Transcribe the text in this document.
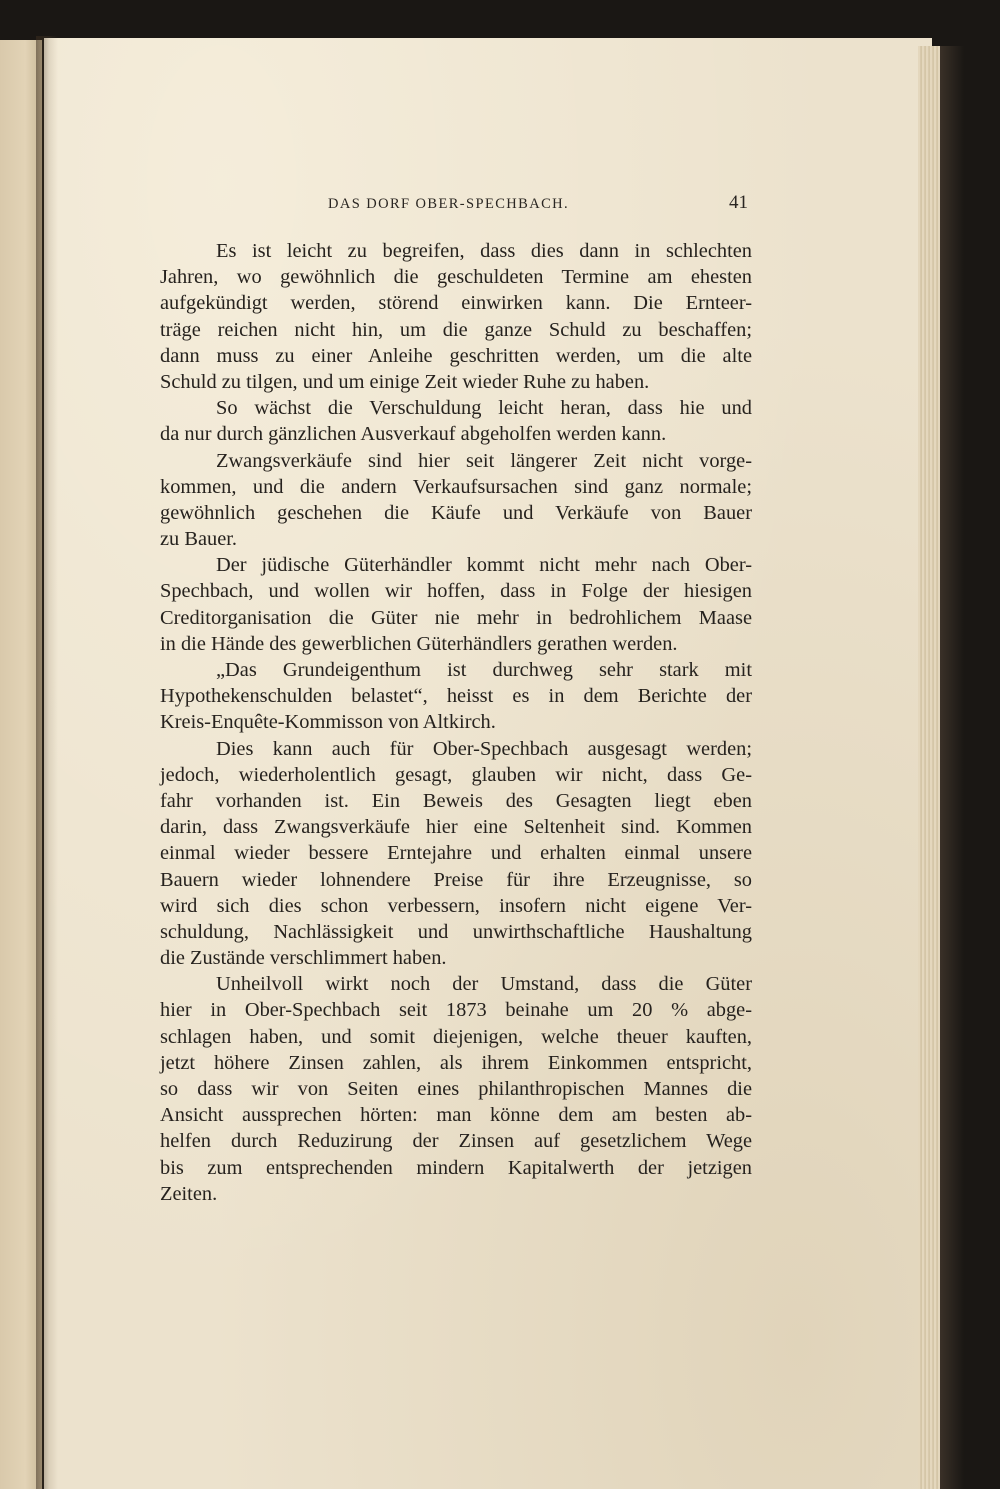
DAS DORF OBER-SPECHBACH.	41
Es ist leicht zu begreifen, dass dies dann in schlechten
Jahren, wo gewöhnlich die geschuldeten Termine am ehesten
aufgekündigt werden, störend einwirken kann. Die Ernteer-
träge reichen nicht hin, um die ganze Schuld zu beschaffen;
dann muss zu einer Anleihe geschritten werden, um die alte
Schuld zu tilgen, und um einige Zeit wieder Ruhe zu haben.
So wächst die Verschuldung leicht heran, dass hie und
da nur durch gänzlichen Ausverkauf abgeholfen werden kann.
Zwangsverkäufe sind hier seit längerer Zeit nicht vorge-
kommen, und die andern Verkaufsursachen sind ganz normale;
gewöhnlich geschehen die Käufe und Verkäufe von Bauer
zu Bauer.
Der jüdische Güterhändler kommt nicht mehr nach Ober-
Spechbach, und wollen wir hoffen, dass in Folge der hiesigen
Creditorganisation die Güter nie mehr in bedrohlichem Maase
in die Hände des gewerblichen Güterhändlers gerathen werden.
„Das Grundeigenthum ist durchweg sehr stark mit
Hypothekenschulden belastet“, heisst es in dem Berichte der
Kreis-Enquête-Kommisson von Altkirch.
Dies kann auch für Ober-Spechbach ausgesagt werden;
jedoch, wiederholentlich gesagt, glauben wir nicht, dass Ge-
fahr vorhanden ist. Ein Beweis des Gesagten liegt eben
darin, dass Zwangsverkäufe hier eine Seltenheit sind. Kommen
einmal wieder bessere Erntejahre und erhalten einmal unsere
Bauern wieder lohnendere Preise für ihre Erzeugnisse, so
wird sich dies schon verbessern, insofern nicht eigene Ver-
schuldung, Nachlässigkeit und unwirthschaftliche Haushaltung
die Zustände verschlimmert haben.
Unheilvoll wirkt noch der Umstand, dass die Güter
hier in Ober-Spechbach seit 1873 beinahe um 20 % abge-
schlagen haben, und somit diejenigen, welche theuer kauften,
jetzt höhere Zinsen zahlen, als ihrem Einkommen entspricht,
so dass wir von Seiten eines philanthropischen Mannes die
Ansicht aussprechen hörten: man könne dem am besten ab-
helfen durch Reduzirung der Zinsen auf gesetzlichem Wege
bis zum entsprechenden mindern Kapitalwerth der jetzigen
Zeiten.
